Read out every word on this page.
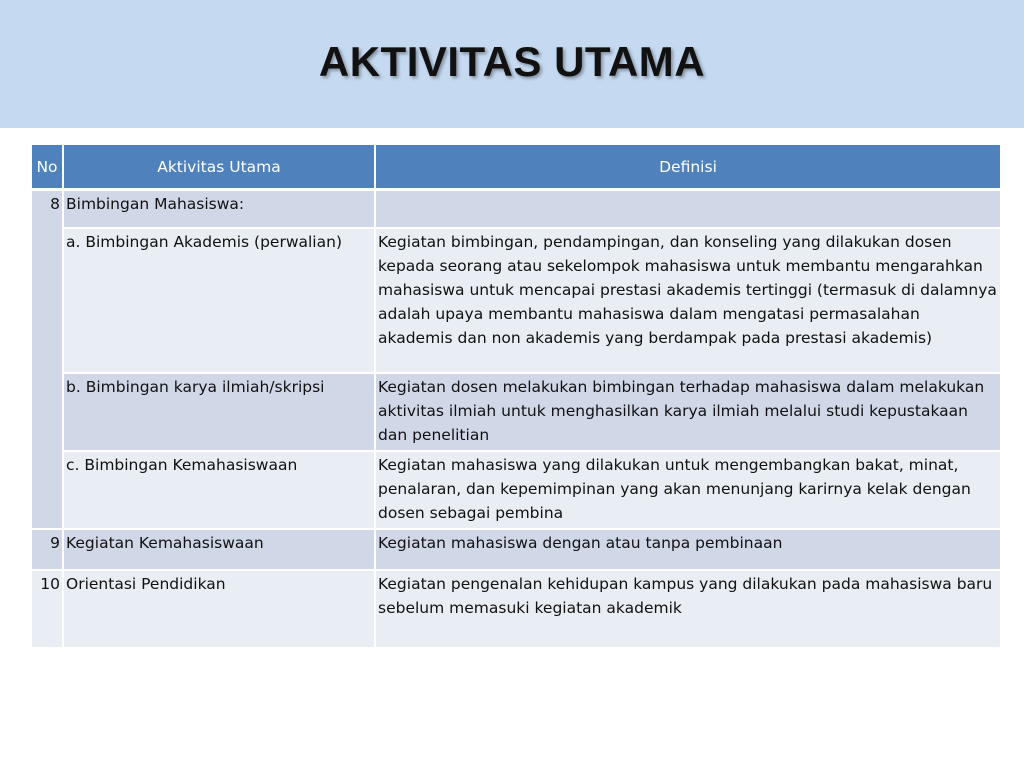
AKTIVITAS UTAMA
No	Aktivitas Utama	Definisi
8	Bimbingan Mahasiswa:	
	a. Bimbingan Akademis (perwalian)	Kegiatan bimbingan, pendampingan, dan konseling yang dilakukan dosen kepada seorang atau sekelompok mahasiswa untuk membantu mengarahkan mahasiswa untuk mencapai prestasi akademis tertinggi (termasuk di dalamnya adalah upaya membantu mahasiswa dalam mengatasi permasalahan akademis dan non akademis yang berdampak pada prestasi akademis)
	b. Bimbingan karya ilmiah/skripsi	Kegiatan dosen melakukan bimbingan terhadap mahasiswa dalam melakukan aktivitas ilmiah untuk menghasilkan karya ilmiah melalui studi kepustakaan dan penelitian
	c. Bimbingan Kemahasiswaan	Kegiatan mahasiswa yang dilakukan untuk mengembangkan bakat, minat, penalaran, dan kepemimpinan yang akan menunjang karirnya kelak dengan dosen sebagai pembina
9	Kegiatan Kemahasiswaan	Kegiatan mahasiswa dengan atau tanpa pembinaan
10	Orientasi Pendidikan	Kegiatan pengenalan kehidupan kampus yang dilakukan pada mahasiswa baru sebelum memasuki kegiatan akademik
